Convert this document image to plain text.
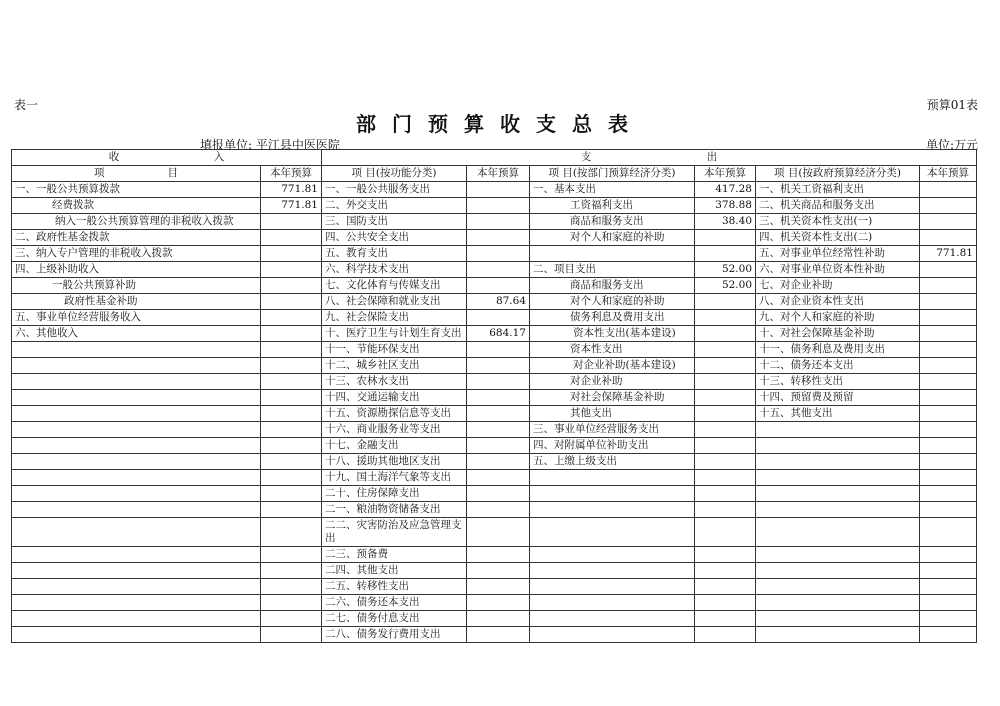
表一	预算01表
部门预算收支总表
填报单位: 平江县中医医院	单位:万元
收　　　　　　　　　入		支　　　　　　　　　　　出					
项　　　　　　目	本年预算	项 目(按功能分类)	本年预算	项 目(按部门预算经济分类)	本年预算	项 目(按政府预算经济分类)	本年预算
一、一般公共预算拨款	771.81	一、一般公共服务支出		一、基本支出	417.28	一、机关工资福利支出	
经费拨款	771.81	二、外交支出		工资福利支出	378.88	二、机关商品和服务支出	
纳入一般公共预算管理的非税收入拨款		三、国防支出		商品和服务支出	38.40	三、机关资本性支出(一)	
二、政府性基金拨款		四、公共安全支出		对个人和家庭的补助		四、机关资本性支出(二)	
三、纳入专户管理的非税收入拨款		五、教育支出				五、对事业单位经常性补助	771.81
四、上级补助收入		六、科学技术支出		二、项目支出	52.00	六、对事业单位资本性补助	
一般公共预算补助		七、文化体育与传媒支出		商品和服务支出	52.00	七、对企业补助	
政府性基金补助		八、社会保障和就业支出	87.64	对个人和家庭的补助		八、对企业资本性支出	
五、事业单位经营服务收入		九、社会保险支出		债务利息及费用支出		九、对个人和家庭的补助	
六、其他收入		十、医疗卫生与计划生育支出	684.17	资本性支出(基本建设)		十、对社会保障基金补助	
		十一、节能环保支出		资本性支出		十一、债务利息及费用支出	
		十二、城乡社区支出		对企业补助(基本建设)		十二、债务还本支出	
		十三、农林水支出		对企业补助		十三、转移性支出	
		十四、交通运输支出		对社会保障基金补助		十四、预留费及预留	
		十五、资源勘探信息等支出		其他支出		十五、其他支出	
		十六、商业服务业等支出		三、事业单位经营服务支出			
		十七、金融支出		四、对附属单位补助支出			
		十八、援助其他地区支出		五、上缴上级支出			
		十九、国土海洋气象等支出					
		二十、住房保障支出					
		二一、粮油物资储备支出					
		二二、灾害防治及应急管理支出					
		二三、预备费					
		二四、其他支出					
		二五、转移性支出					
		二六、债务还本支出					
		二七、债务付息支出					
		二八、债务发行费用支出					
